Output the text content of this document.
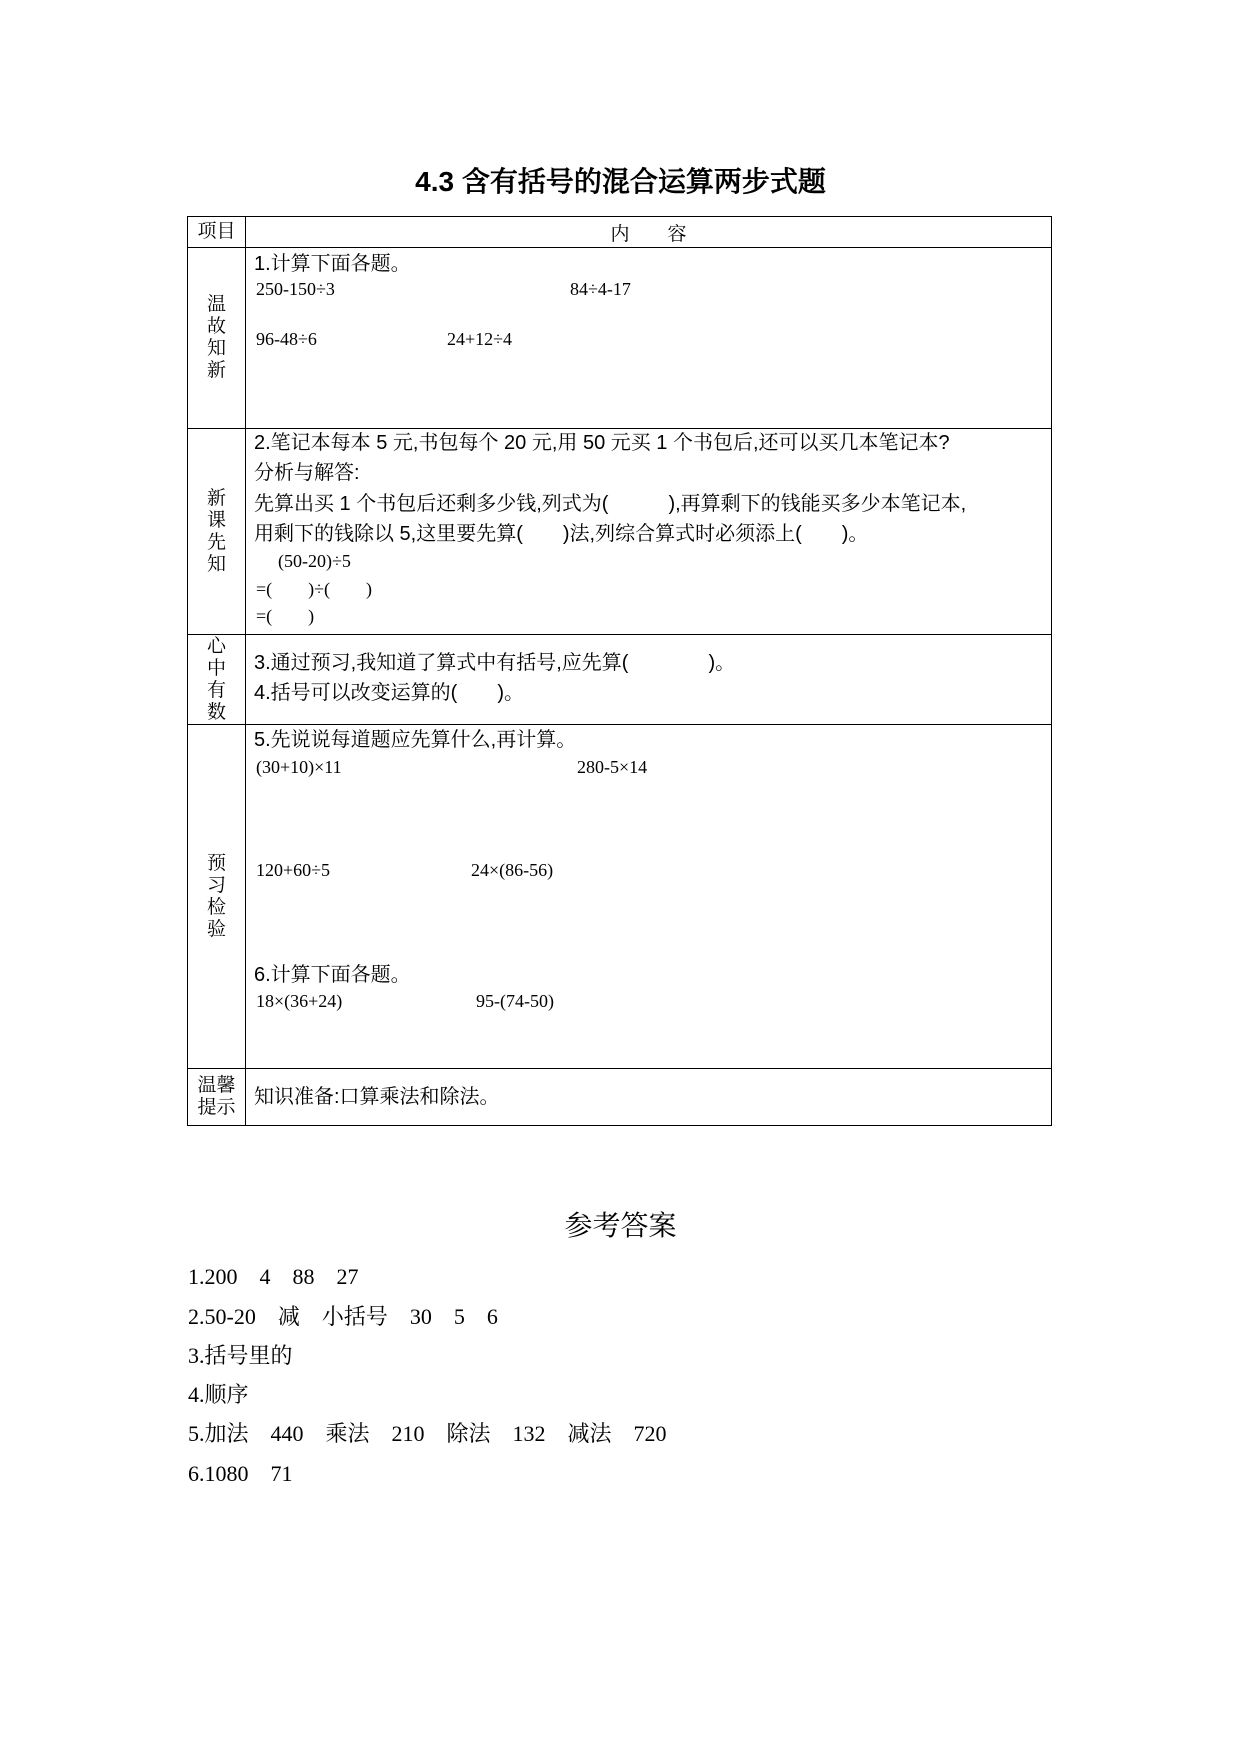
4.3 含有括号的混合运算两步式题
项目	内　　容
温故知新
1.计算下面各题。
250-150÷3	84÷4-17
96-48÷6	24+12÷4
新课先知
2.笔记本每本 5 元,书包每个 20 元,用 50 元买 1 个书包后,还可以买几本笔记本?
分析与解答:
先算出买 1 个书包后还剩多少钱,列式为(　　　),再算剩下的钱能买多少本笔记本,
用剩下的钱除以 5,这里要先算(　　)法,列综合算式时必须添上(　　)。
(50-20)÷5
=(　　)÷(　　)
=(　　)
心中有数
3.通过预习,我知道了算式中有括号,应先算(　　　　)。
4.括号可以改变运算的(　　)。
预习检验
5.先说说每道题应先算什么,再计算。
(30+10)×11	280-5×14
120+60÷5	24×(86-56)
6.计算下面各题。
18×(36+24)	95-(74-50)
温馨提示 知识准备:口算乘法和除法。
参考答案
1.200　4　88　27
2.50-20　减　小括号　30　5　6
3.括号里的
4.顺序
5.加法　440　乘法　210　除法　132　减法　720
6.1080　71
